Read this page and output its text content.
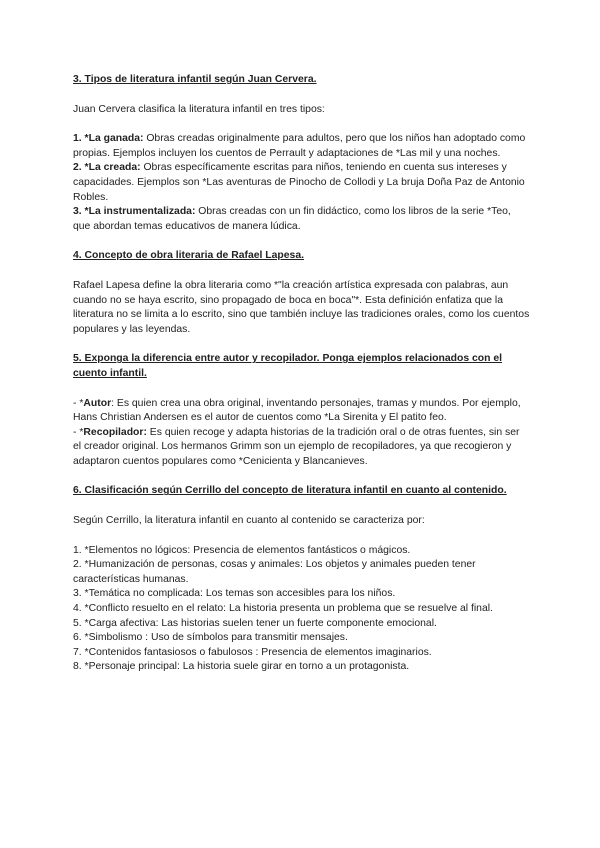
3. Tipos de literatura infantil según Juan Cervera.

Juan Cervera clasifica la literatura infantil en tres tipos:

1. *La ganada: Obras creadas originalmente para adultos, pero que los niños han adoptado como propias. Ejemplos incluyen los cuentos de Perrault y adaptaciones de *Las mil y una noches.

2. *La creada: Obras específicamente escritas para niños, teniendo en cuenta sus intereses y capacidades. Ejemplos son *Las aventuras de Pinocho de Collodi y La bruja Doña Paz de Antonio Robles.

3. *La instrumentalizada: Obras creadas con un fin didáctico, como los libros de la serie *Teo, que abordan temas educativos de manera lúdica.

4. Concepto de obra literaria de Rafael Lapesa.

Rafael Lapesa define la obra literaria como *"la creación artística expresada con palabras, aun cuando no se haya escrito, sino propagado de boca en boca"*. Esta definición enfatiza que la literatura no se limita a lo escrito, sino que también incluye las tradiciones orales, como los cuentos populares y las leyendas.

5. Exponga la diferencia entre autor y recopilador. Ponga ejemplos relacionados con el cuento infantil.

- *Autor: Es quien crea una obra original, inventando personajes, tramas y mundos. Por ejemplo, Hans Christian Andersen es el autor de cuentos como *La Sirenita y El patito feo.

- *Recopilador: Es quien recoge y adapta historias de la tradición oral o de otras fuentes, sin ser el creador original. Los hermanos Grimm son un ejemplo de recopiladores, ya que recogieron y adaptaron cuentos populares como *Cenicienta y Blancanieves.

6. Clasificación según Cerrillo del concepto de literatura infantil en cuanto al contenido.

Según Cerrillo, la literatura infantil en cuanto al contenido se caracteriza por:

1. *Elementos no lógicos: Presencia de elementos fantásticos o mágicos.

2. *Humanización de personas, cosas y animales: Los objetos y animales pueden tener características humanas.

3. *Temática no complicada: Los temas son accesibles para los niños.

4. *Conflicto resuelto en el relato: La historia presenta un problema que se resuelve al final.

5. *Carga afectiva: Las historias suelen tener un fuerte componente emocional.

6. *Simbolismo : Uso de símbolos para transmitir mensajes.

7. *Contenidos fantasiosos o fabulosos : Presencia de elementos imaginarios.

8. *Personaje principal: La historia suele girar en torno a un protagonista.
